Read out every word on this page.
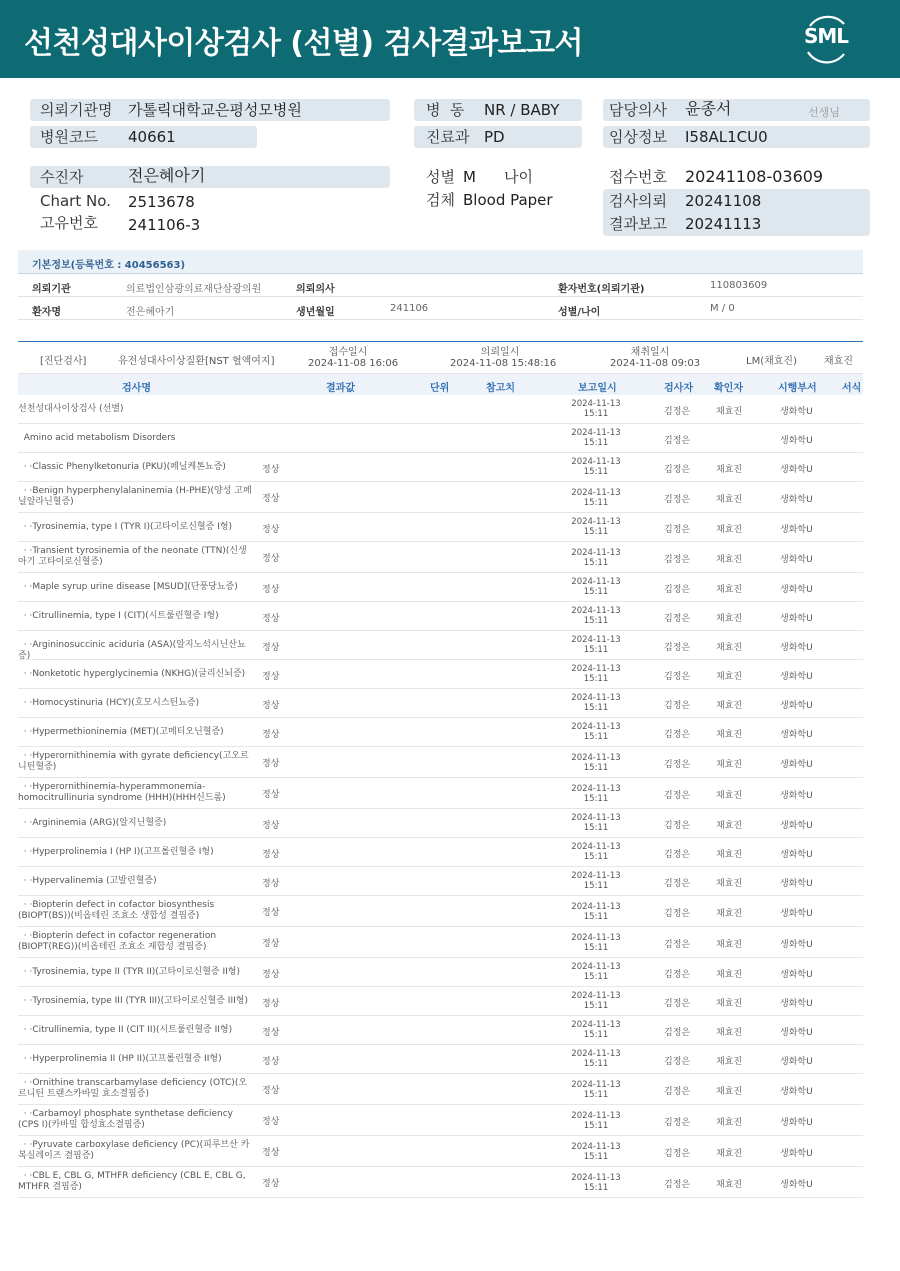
선천성대사이상검사 (선별) 검사결과보고서	SML
의뢰기관명 가톨릭대학교은평성모병원
병원코드 40661
병  동 NR / BABY
진료과 PD
담당의사 윤종서	선생님
임상정보 I58AL1CU0
수진자	전은혜아기
Chart No. 2513678
고유번호 241106-3
성별 M 나이
검체 Blood Paper
접수번호 20241108-03609
검사의뢰 20241108
결과보고 20241113
기본정보(등록번호 : 40456563)
의뢰기관	의료법인삼광의료재단삼광의원	의뢰의사	환자번호(의뢰기관)	110803609
환자명	전은혜아기	생년월일	241106	성별/나이	M / 0
[진단검사]	유전성대사이상질환[NST 혈액여지]
접수일시
2024-11-08 16:06
의뢰일시
2024-11-08 15:48:16
채취일시
2024-11-08 09:03	LM(채효진)	채효진
검사명	결과값	단위	참고치	보고일시	검사자 확인자	시행부서	서식
선천성대사이상검사 (선별)	2024-11-13
15:11	김정은	채효진	생화학U
Amino acid metabolism Disorders	2024-11-13
15:11	김정은	생화학U
· ·Classic Phenylketonuria (PKU)(페닐케톤뇨증)	정상
2024-11-13
15:11	김정은	채효진	생화학U
· ·Benign hyperphenylalaninemia (H-PHE)(양성 고페닐알라닌혈증)	정상
2024-11-13
15:11	김정은	채효진	생화학U
· ·Tyrosinemia, type I (TYR I)(고타이로신혈증 I형)	정상
2024-11-13
15:11	김정은	채효진	생화학U
· ·Transient tyrosinemia of the neonate (TTN)(신생아기 고타이로신혈증)	정상
2024-11-13
15:11	김정은	채효진	생화학U
· ·Maple syrup urine disease [MSUD](단풍당뇨증)	정상
2024-11-13
15:11	김정은	채효진	생화학U
· ·Citrullinemia, type I (CIT)(시트룰린혈증 I형)	정상
2024-11-13
15:11	김정은	채효진	생화학U
· ·Argininosuccinic aciduria (ASA)(알지노석시닌산뇨증)
정상
2024-11-13
15:11	김정은	채효진	생화학U
· ·Nonketotic hyperglycinemia (NKHG)(글리신뇌증)	정상
2024-11-13
15:11	김정은	채효진	생화학U
· ·Homocystinuria (HCY)(호모시스틴뇨증)	정상
2024-11-13
15:11	김정은	채효진	생화학U
· ·Hypermethioninemia (MET)(고메티오닌혈증)	정상
2024-11-13
15:11	김정은	채효진	생화학U
· ·Hyperornithinemia with gyrate deficiency(고오르니틴혈증)	정상
2024-11-13
15:11	김정은	채효진	생화학U
· ·Hyperornithinemia-hyperammonemia-homocitrullinuria syndrome (HHH)(HHH신드롬)	정상
2024-11-13
15:11	김정은	채효진	생화학U
· ·Argininemia (ARG)(알지닌혈증)	정상
2024-11-13
15:11	김정은	채효진	생화학U
· ·Hyperprolinemia I (HP I)(고프롤린혈증 I형)	정상
2024-11-13
15:11	김정은	채효진	생화학U
· ·Hypervalinemia (고발린혈증)	정상
2024-11-13
15:11	김정은	채효진	생화학U
· ·Biopterin defect in cofactor biosynthesis (BIOPT(BS))(비옵테린 조효소 생합성 결핍증)	정상
2024-11-13
15:11	김정은	채효진	생화학U
· ·Biopterin defect in cofactor regeneration (BIOPT(REG))(비옵테린 조효소 재합성 결핍증)	정상
2024-11-13
15:11	김정은	채효진	생화학U
· ·Tyrosinemia, type II (TYR II)(고타이로신혈증 II형)	정상
2024-11-13
15:11	김정은	채효진	생화학U
· ·Tyrosinemia, type III (TYR III)(고타이로신혈증 III형)	정상
2024-11-13
15:11	김정은	채효진	생화학U
· ·Citrullinemia, type II (CIT II)(시트룰린혈증 II형)	정상
2024-11-13
15:11	김정은	채효진	생화학U
· ·Hyperprolinemia II (HP II)(고프롤린혈증 II형)	정상
2024-11-13
15:11	김정은	채효진	생화학U
· ·Ornithine transcarbamylase deficiency (OTC)(오르니틴 트랜스카바밀 효소결핍증)	정상
2024-11-13
15:11	김정은	채효진	생화학U
· ·Carbamoyl phosphate synthetase deficiency (CPS I)(카바밀 합성효소결핍증)	정상
2024-11-13
15:11	김정은	채효진	생화학U
· ·Pyruvate carboxylase deficiency (PC)(피루브산 카복실레이즈 결핍증)	정상
2024-11-13
15:11	김정은	채효진	생화학U
· ·CBL E, CBL G, MTHFR deficiency (CBL E, CBL G, MTHFR 결핍증)	정상
2024-11-13
15:11	김정은	채효진	생화학U
